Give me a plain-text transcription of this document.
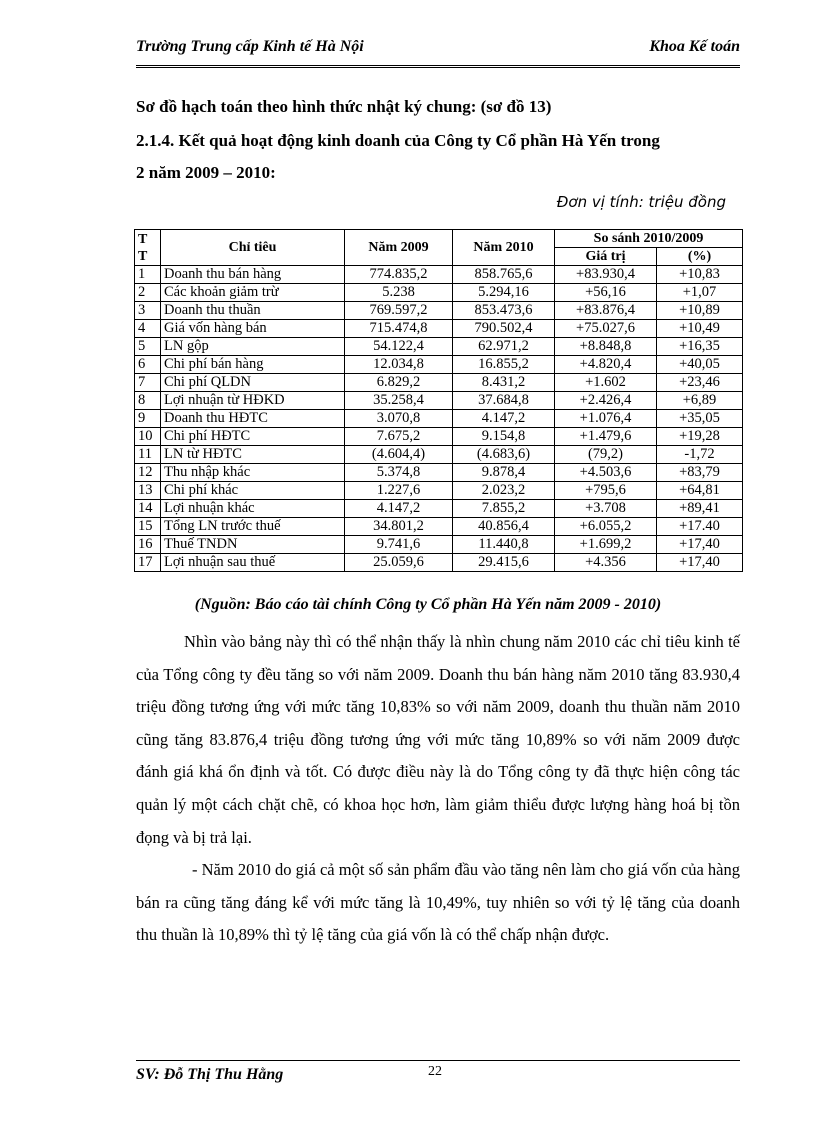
Trường Trung cấp Kinh tế Hà Nội	Khoa Kế toán
Sơ đồ hạch toán theo hình thức nhật ký chung: (sơ đồ 13)
2.1.4. Kết quả hoạt động kinh doanh của Công ty Cổ phần Hà Yến trong
2 năm 2009 – 2010:
Đơn vị tính: triệu đồng
T
T	Chỉ tiêu	Năm 2009	Năm 2010	So sánh 2010/2009	
				Giá trị	(%)
1	Doanh thu bán hàng	774.835,2	858.765,6	+83.930,4	+10,83
2	Các khoản giảm trừ	5.238	5.294,16	+56,16	+1,07
3	Doanh thu thuần	769.597,2	853.473,6	+83.876,4	+10,89
4	Giá vốn hàng bán	715.474,8	790.502,4	+75.027,6	+10,49
5	LN gộp	54.122,4	62.971,2	+8.848,8	+16,35
6	Chi phí bán hàng	12.034,8	16.855,2	+4.820,4	+40,05
7	Chi phí QLDN	6.829,2	8.431,2	+1.602	+23,46
8	Lợi nhuận từ HĐKD	35.258,4	37.684,8	+2.426,4	+6,89
9	Doanh thu HĐTC	3.070,8	4.147,2	+1.076,4	+35,05
10	Chi phí HĐTC	7.675,2	9.154,8	+1.479,6	+19,28
11	LN từ HĐTC	(4.604,4)	(4.683,6)	(79,2)	-1,72
12	Thu nhập khác	5.374,8	9.878,4	+4.503,6	+83,79
13	Chi phí khác	1.227,6	2.023,2	+795,6	+64,81
14	Lợi nhuận khác	4.147,2	7.855,2	+3.708	+89,41
15	Tổng LN trước thuế	34.801,2	40.856,4	+6.055,2	+17.40
16	Thuế TNDN	9.741,6	11.440,8	+1.699,2	+17,40
17	Lợi nhuận sau thuế	25.059,6	29.415,6	+4.356	+17,40
(Nguồn: Báo cáo tài chính Công ty Cổ phần Hà Yến năm 2009 - 2010)

Nhìn vào bảng này thì có thể nhận thấy là nhìn chung năm 2010 các chỉ tiêu kinh tế của Tổng công ty đều tăng so với năm 2009. Doanh thu bán hàng năm 2010 tăng 83.930,4 triệu đồng tương ứng với mức tăng 10,83% so với năm 2009, doanh thu thuần năm 2010 cũng tăng 83.876,4 triệu đồng tương ứng với mức tăng 10,89% so với năm 2009 được đánh giá khá ổn định và tốt. Có được điều này là do Tổng công ty đã thực hiện công tác quản lý một cách chặt chẽ, có khoa học hơn, làm giảm thiểu được lượng hàng hoá bị tồn đọng và bị trả lại.

- Năm 2010 do giá cả một số sản phẩm đầu vào tăng nên làm cho giá vốn của hàng bán ra cũng tăng đáng kể với mức tăng là 10,49%, tuy nhiên so với tỷ lệ tăng của doanh thu thuần là 10,89% thì tỷ lệ tăng của giá vốn là có thể chấp nhận được.

SV: Đỗ Thị Thu Hằng	22
